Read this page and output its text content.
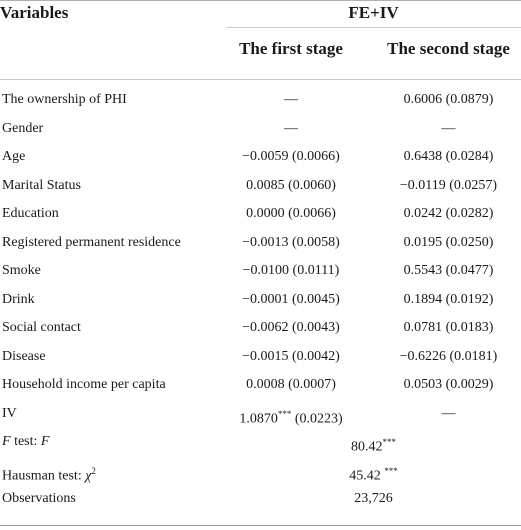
Variables	FE+IV
The first stage	The second stage
The ownership of PHI	—	0.6006 (0.0879)
Gender	—	—
Age	−0.0059 (0.0066)	0.6438 (0.0284)
Marital Status	0.0085 (0.0060)	−0.0119 (0.0257)
Education	0.0000 (0.0066)	0.0242 (0.0282)
Registered permanent residence	−0.0013 (0.0058)	0.0195 (0.0250)
Smoke	−0.0100 (0.0111)	0.5543 (0.0477)
Drink	−0.0001 (0.0045)	0.1894 (0.0192)
Social contact	−0.0062 (0.0043)	0.0781 (0.0183)
Disease	−0.0015 (0.0042)	−0.6226 (0.0181)
Household income per capita	0.0008 (0.0007)	0.0503 (0.0029)
IV	1.0870*** (0.0223)	—
F test: F	80.42***
Hausman test: $\chi^2$	45.42 ***
Observations	23,726
